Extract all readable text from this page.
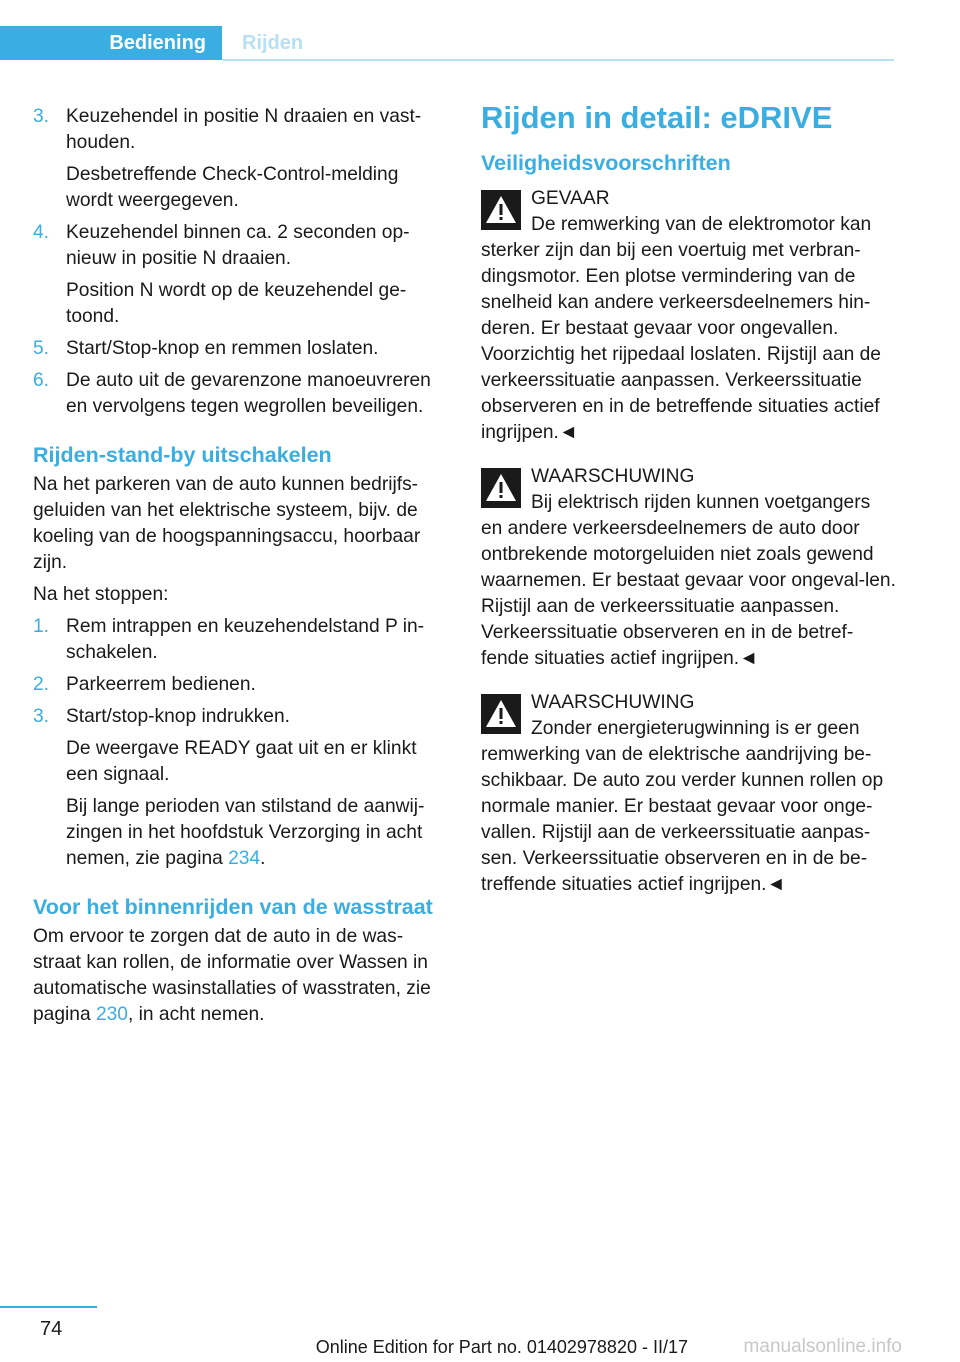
Bediening	Rijden
3. Keuzehendel in positie N draaien en vast-houden.

Desbetreffende Check-Control-melding wordt weergegeven.

4. Keuzehendel binnen ca. 2 seconden op-nieuw in positie N draaien.

Position N wordt op de keuzehendel ge-toond.

5. Start/Stop-knop en remmen loslaten.

6. De auto uit de gevarenzone manoeuvreren en vervolgens tegen wegrollen beveiligen.

Rijden-stand-by uitschakelen

Na het parkeren van de auto kunnen bedrijfs-geluiden van het elektrische systeem, bijv. de koeling van de hoogspanningsaccu, hoorbaar zijn.

Na het stoppen:

1. Rem intrappen en keuzehendelstand P in-schakelen.

2. Parkeerrem bedienen.

3. Start/stop-knop indrukken.

De weergave READY gaat uit en er klinkt een signaal.

Bij lange perioden van stilstand de aanwij-zingen in het hoofdstuk Verzorging in acht nemen, zie pagina 234.

Voor het binnenrijden van de wasstraat

Om ervoor te zorgen dat de auto in de was-straat kan rollen, de informatie over Wassen in automatische wasinstallaties of wasstraten, zie pagina 230, in acht nemen.

Rijden in detail: eDRIVE
Veiligheidsvoorschriften
GEVAAR
De remwerking van de elektromotor kan sterker zijn dan bij een voertuig met verbran-dingsmotor. Een plotse vermindering van de snelheid kan andere verkeersdeelnemers hin-deren. Er bestaat gevaar voor ongevallen. Voorzichtig het rijpedaal loslaten. Rijstijl aan de verkeerssituatie aanpassen. Verkeerssituatie observeren en in de betreffende situaties actief ingrijpen.◄
WAARSCHUWING
Bij elektrisch rijden kunnen voetgangers en andere verkeersdeelnemers de auto door ontbrekende motorgeluiden niet zoals gewend waarnemen. Er bestaat gevaar voor ongeval-len. Rijstijl aan de verkeerssituatie aanpassen. Verkeerssituatie observeren en in de betref-fende situaties actief ingrijpen.◄
WAARSCHUWING
Zonder energieterugwinning is er geen remwerking van de elektrische aandrijving be-schikbaar. De auto zou verder kunnen rollen op normale manier. Er bestaat gevaar voor onge-vallen. Rijstijl aan de verkeerssituatie aanpas-sen. Verkeerssituatie observeren en in de be-treffende situaties actief ingrijpen.◄
74
Online Edition for Part no. 01402978820 - II/17	manualsonline.info
